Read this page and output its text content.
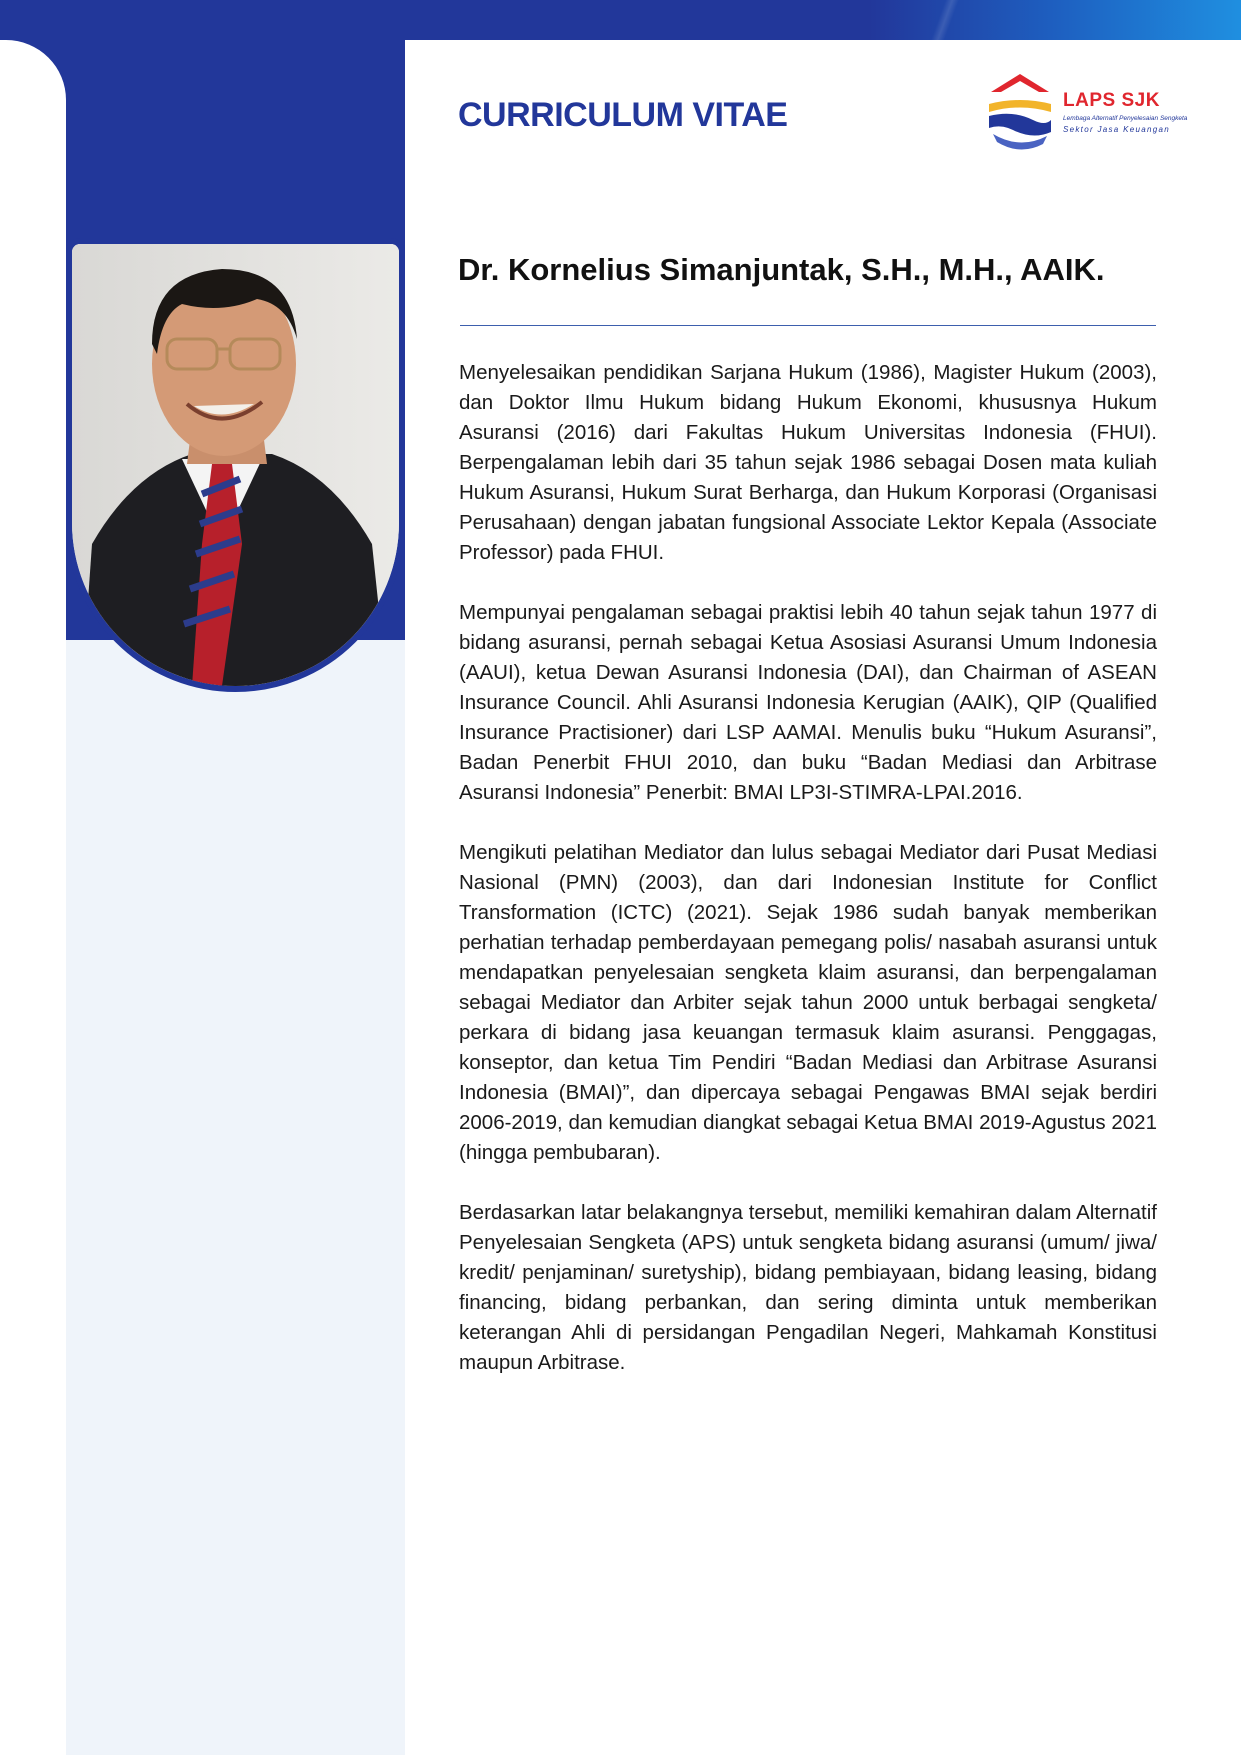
CURRICULUM VITAE	LAPS SJK
Lembaga Alternatif Penyelesaian Sengketa
Sektor Jasa Keuangan
Dr. Kornelius Simanjuntak, S.H., M.H., AAIK.

Menyelesaikan pendidikan Sarjana Hukum (1986), Magister Hukum (2003), dan Doktor Ilmu Hukum bidang Hukum Ekonomi, khususnya Hukum Asuransi (2016) dari Fakultas Hukum Universitas Indonesia (FHUI). Berpengalaman lebih dari 35 tahun sejak 1986 sebagai Dosen mata kuliah Hukum Asuransi, Hukum Surat Berharga, dan Hukum Korporasi (Organisasi Perusahaan) dengan jabatan fungsional Associate Lektor Kepala (Associate Professor) pada FHUI.

Mempunyai pengalaman sebagai praktisi lebih 40 tahun sejak tahun 1977 di bidang asuransi, pernah sebagai Ketua Asosiasi Asuransi Umum Indonesia (AAUI), ketua Dewan Asuransi Indonesia (DAI), dan Chairman of ASEAN Insurance Council. Ahli Asuransi Indonesia Kerugian (AAIK), QIP (Qualified Insurance Practisioner) dari LSP AAMAI. Menulis buku “Hukum Asuransi”, Badan Penerbit FHUI 2010, dan buku “Badan Mediasi dan Arbitrase Asuransi Indonesia” Penerbit: BMAI LP3I-STIMRA-LPAI.2016.

Mengikuti pelatihan Mediator dan lulus sebagai Mediator dari Pusat Mediasi Nasional (PMN) (2003), dan dari Indonesian Institute for Conflict Transformation (ICTC) (2021). Sejak 1986 sudah banyak memberikan perhatian terhadap pemberdayaan pemegang polis/ nasabah asuransi untuk mendapatkan penyelesaian sengketa klaim asuransi, dan berpengalaman sebagai Mediator dan Arbiter sejak tahun 2000 untuk berbagai sengketa/ perkara di bidang jasa keuangan termasuk klaim asuransi. Penggagas, konseptor, dan ketua Tim Pendiri “Badan Mediasi dan Arbitrase Asuransi Indonesia (BMAI)”, dan dipercaya sebagai Pengawas BMAI sejak berdiri 2006-2019, dan kemudian diangkat sebagai Ketua BMAI 2019-Agustus 2021 (hingga pembubaran).

Berdasarkan latar belakangnya tersebut, memiliki kemahiran dalam Alternatif Penyelesaian Sengketa (APS) untuk sengketa bidang asuransi (umum/ jiwa/ kredit/ penjaminan/ suretyship), bidang pembiayaan, bidang leasing, bidang financing, bidang perbankan, dan sering diminta untuk memberikan keterangan Ahli di persidangan Pengadilan Negeri, Mahkamah Konstitusi maupun Arbitrase.
